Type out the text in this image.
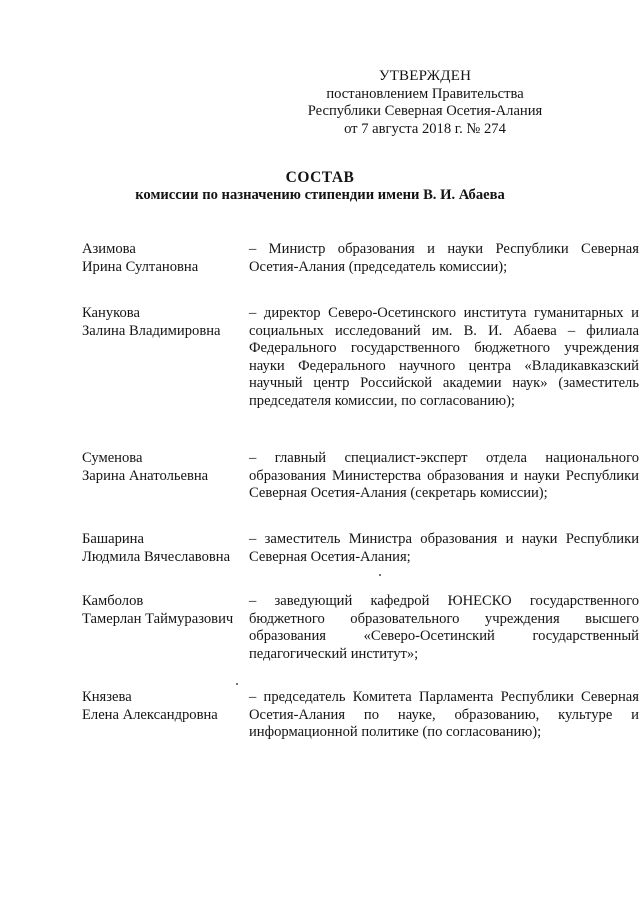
УТВЕРЖДЕН
постановлением Правительства
Республики Северная Осетия-Алания
от 7 августа 2018 г. № 274
СОСТАВ
комиссии по назначению стипендии имени В. И. Абаева
Азимова
Ирина Султановна
– Министр образования и науки Республики Северная Осетия-Алания (председатель комиссии);
Канукова
Залина Владимировна
– директор Северо-Осетинского института гуманитарных и социальных исследований им. В. И. Абаева – филиала Федерального государственного бюджетного учреждения науки Федерального научного центра «Владикавказский научный центр Российской академии наук» (заместитель председателя комиссии, по согласованию);
Суменова
Зарина Анатольевна
– главный специалист-эксперт отдела национального образования Министерства образования и науки Республики Северная Осетия-Алания (секретарь комиссии);
Башарина
Людмила Вячеславовна
– заместитель Министра образования и науки Республики Северная Осетия-Алания;
Камболов
Тамерлан Таймуразович
– заведующий кафедрой ЮНЕСКО государственного бюджетного образовательного учреждения высшего образования «Северо-Осетинский государственный педагогический институт»;
Князева
Елена Александровна
– председатель Комитета Парламента Республики Северная Осетия-Алания по науке, образованию, культуре и информационной политике (по согласованию);
